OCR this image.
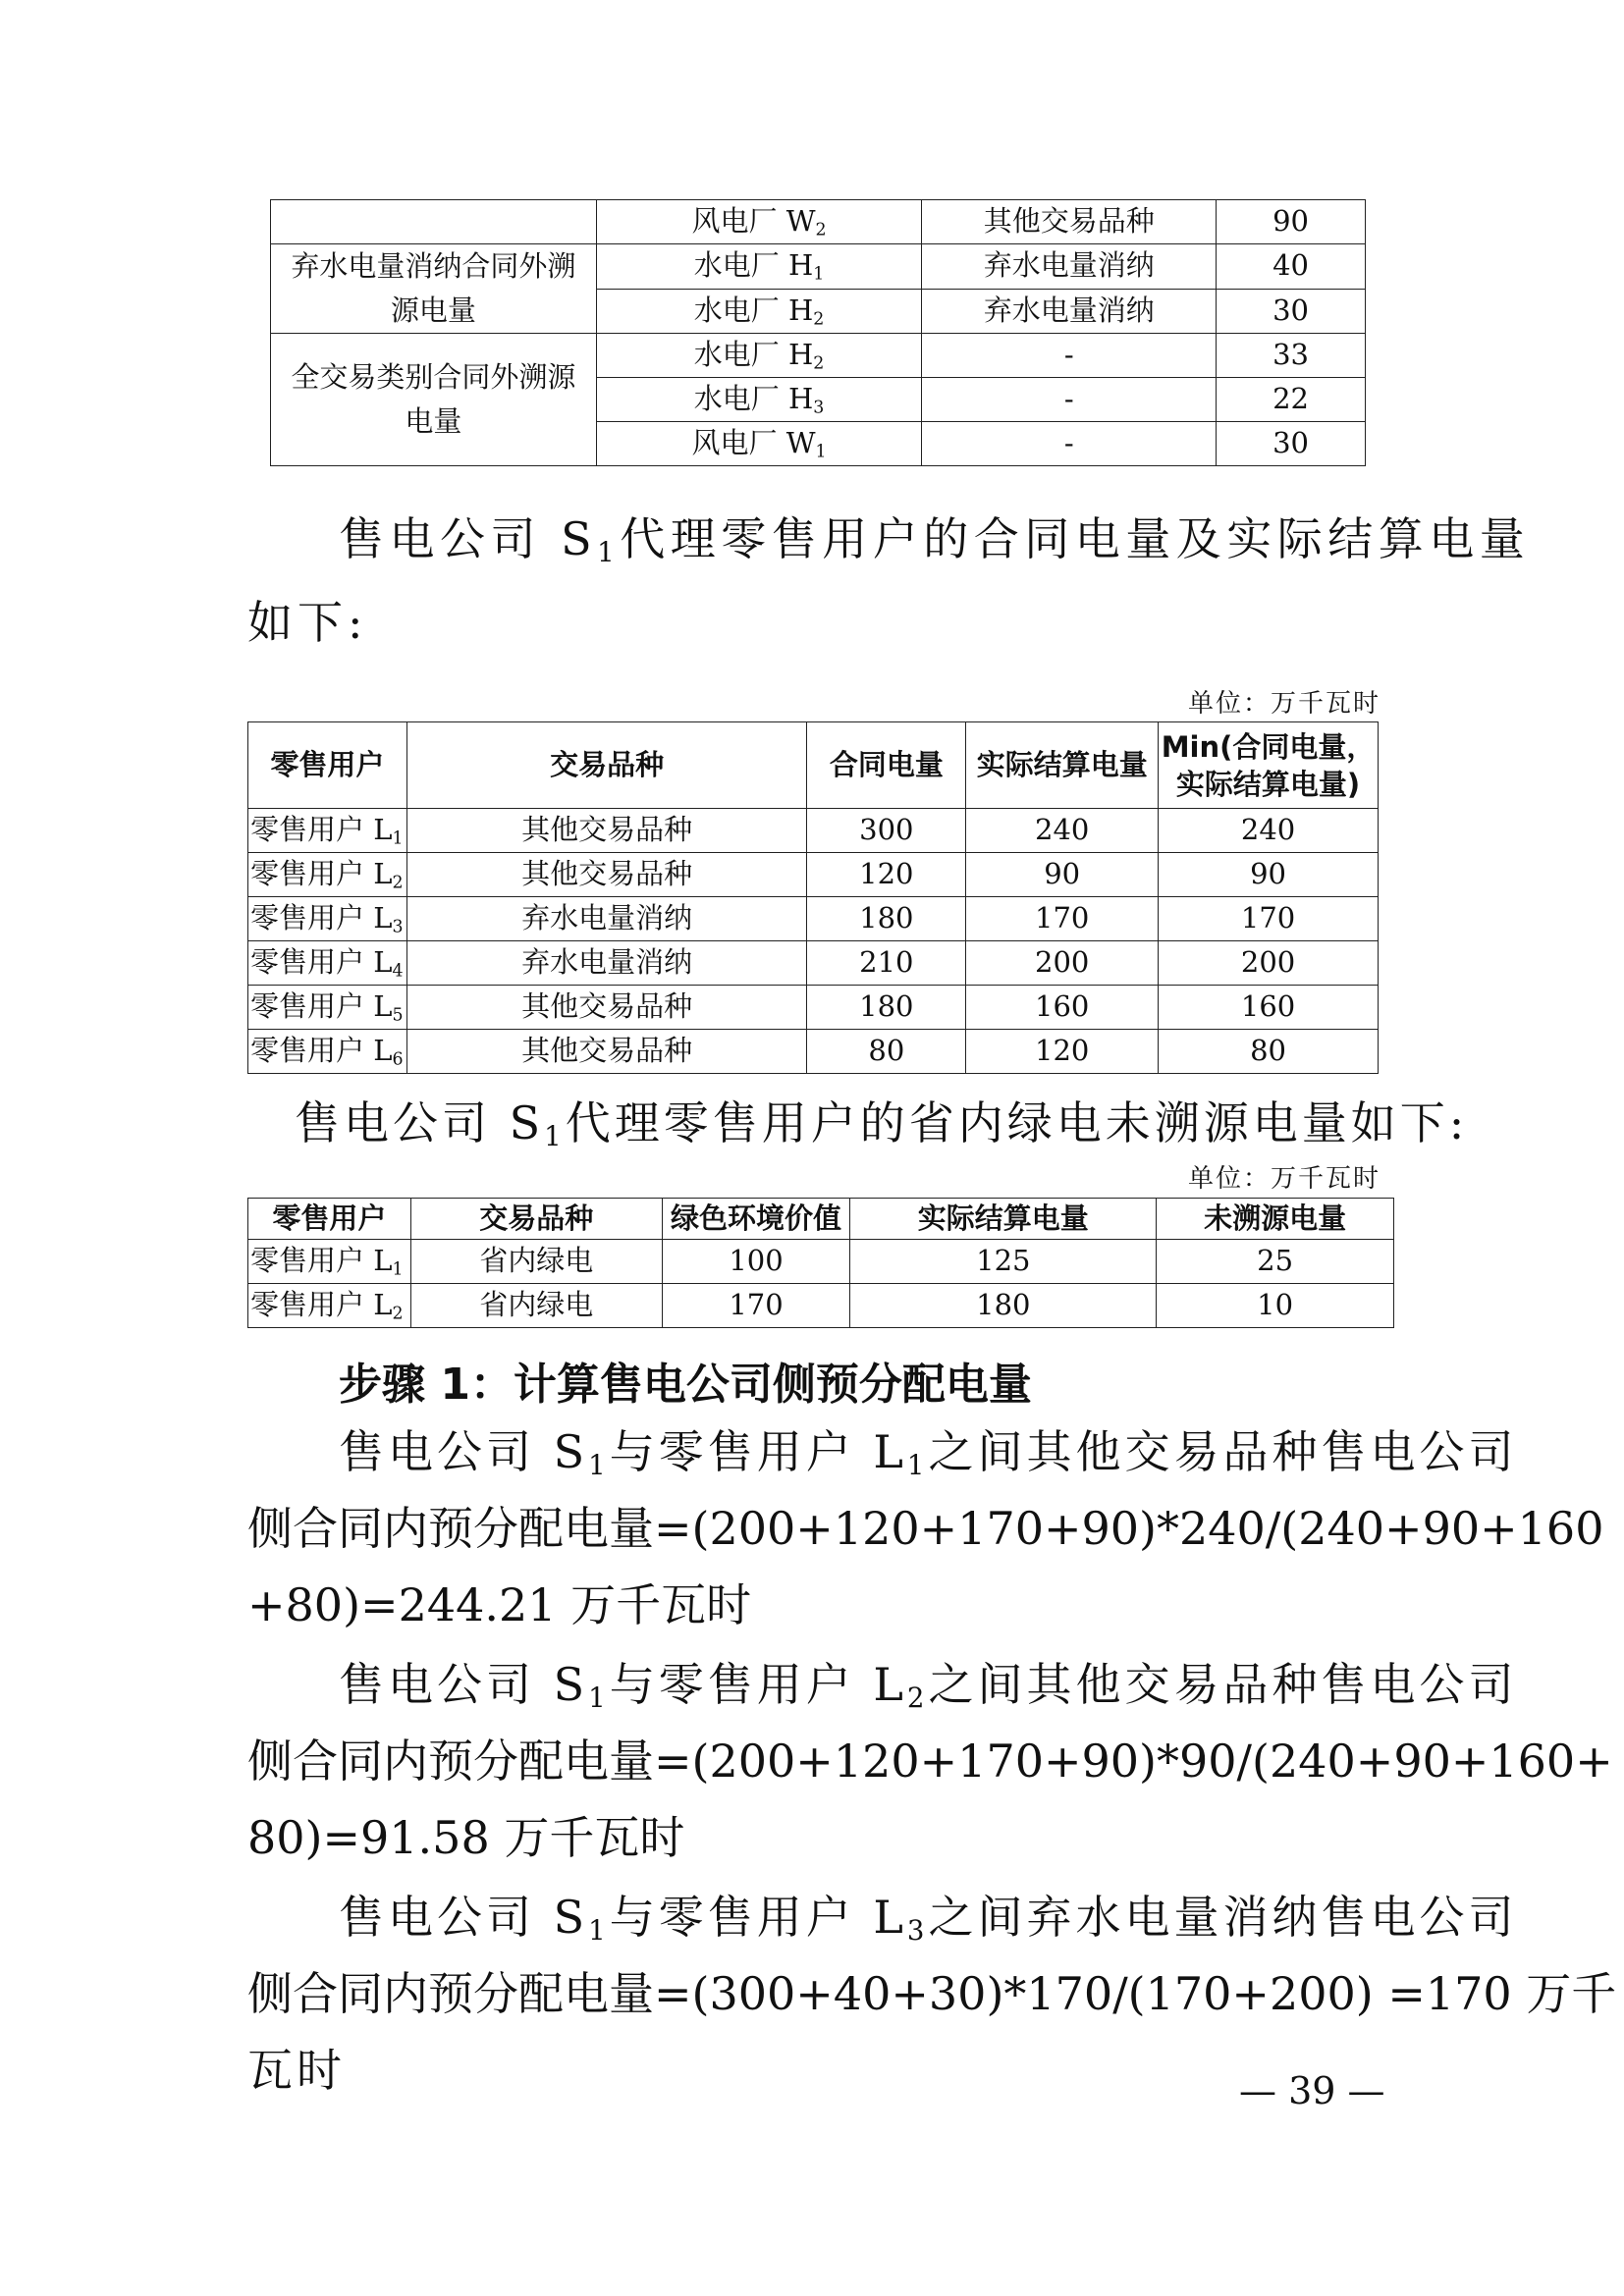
	风电厂 $W_2$	其他交易品种	90
弃水电量消纳合同外溯源电量	水电厂 $H_1$	弃水电量消纳	40
	水电厂 $H_2$	弃水电量消纳	30
全交易类别合同外溯源电量	水电厂 $H_2$	-	33
	水电厂 $H_3$	-	22
	风电厂 $W_1$	-	30
售电公司 $S_1$代理零售用户的合同电量及实际结算电量
如下:
单位：万千瓦时
零售用户	交易品种	合同电量	实际结算电量	Min(合同电量，
实际结算电量)

零售用户 $L_1$	其他交易品种	300	240	240
零售用户 $L_2$	其他交易品种	120	90	90
零售用户 $L_3$	弃水电量消纳	180	170	170
零售用户 $L_4$	弃水电量消纳	210	200	200
零售用户 $L_5$	其他交易品种	180	160	160
零售用户 $L_6$	其他交易品种	80	120	80
售电公司 $S_1$代理零售用户的省内绿电未溯源电量如下:
单位：万千瓦时
零售用户	交易品种	绿色环境价值	实际结算电量	未溯源电量
零售用户 $L_1$	省内绿电	100	125	25
零售用户 $L_2$	省内绿电	170	180	10
步骤 1：计算售电公司侧预分配电量
售电公司 $S_1$与零售用户 $L_1$之间其他交易品种售电公司
侧合同内预分配电量=(200+120+170+90)*240/(240+90+160
+80)=244.21 万千瓦时
售电公司 $S_1$与零售用户 $L_2$之间其他交易品种售电公司
侧合同内预分配电量=(200+120+170+90)*90/(240+90+160+
80)=91.58 万千瓦时
售电公司 $S_1$与零售用户 $L_3$之间弃水电量消纳售电公司
侧合同内预分配电量=(300+40+30)*170/(170+200) =170 万千
瓦时	— 39 —
